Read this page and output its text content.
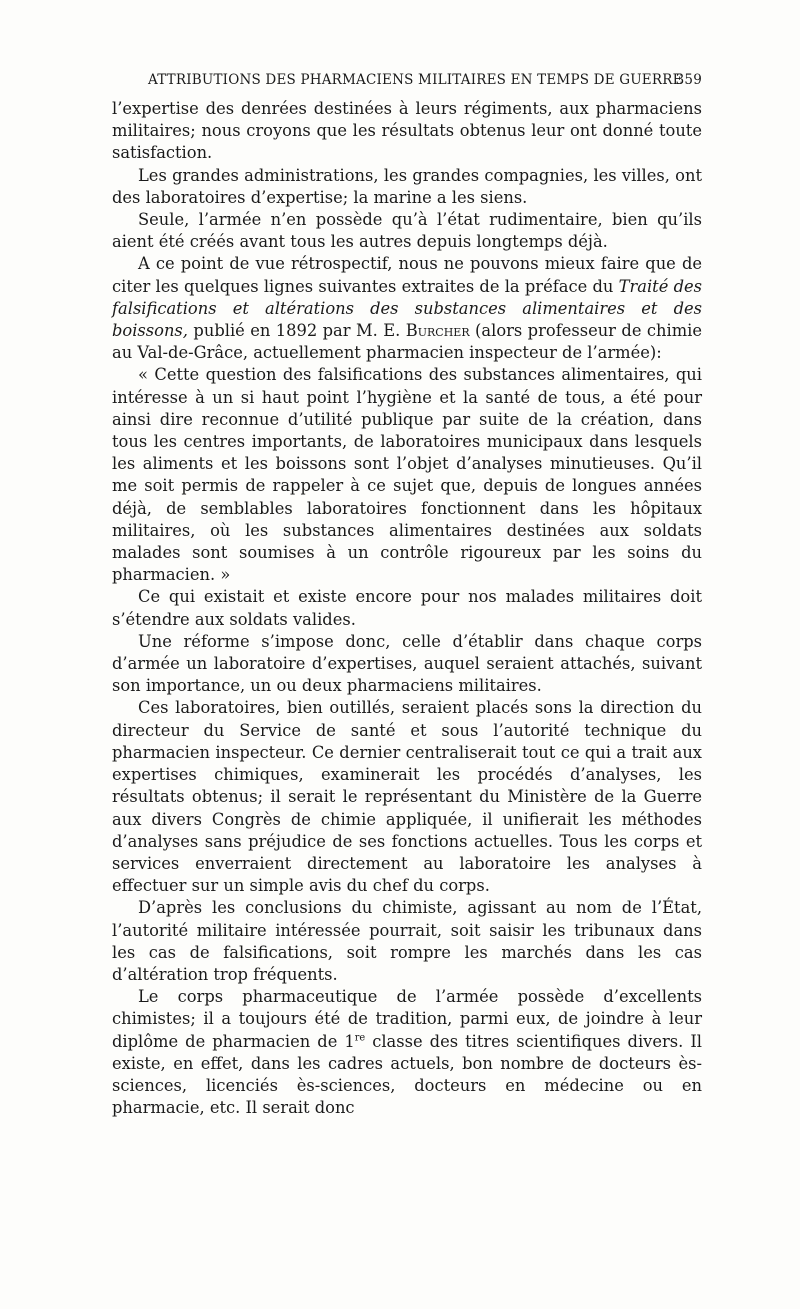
ATTRIBUTIONS DES PHARMACIENS MILITAIRES EN TEMPS DE GUERRE
359

l’expertise des denrées destinées à leurs régiments, aux pharmaciens militaires; nous croyons que les résultats obtenus leur ont donné toute satisfaction.

Les grandes administrations, les grandes compagnies, les villes, ont des laboratoires d’expertise; la marine a les siens.

Seule, l’armée n’en possède qu’à l’état rudimentaire, bien qu’ils aient été créés avant tous les autres depuis longtemps déjà.

A ce point de vue rétrospectif, nous ne pouvons mieux faire que de citer les quelques lignes suivantes extraites de la préface du Traité des falsifications et altérations des substances alimentaires et des boissons, publié en 1892 par M. E. Burcher (alors professeur de chimie au Val-de-Grâce, actuellement pharmacien inspecteur de l’armée):

« Cette question des falsifications des substances alimentaires, qui intéresse à un si haut point l’hygiène et la santé de tous, a été pour ainsi dire reconnue d’utilité publique par suite de la création, dans tous les centres importants, de laboratoires municipaux dans lesquels les aliments et les boissons sont l’objet d’analyses minutieuses. Qu’il me soit permis de rappeler à ce sujet que, depuis de longues années déjà, de semblables laboratoires fonctionnent dans les hôpitaux militaires, où les substances alimentaires destinées aux soldats malades sont soumises à un contrôle rigoureux par les soins du pharmacien. »

Ce qui existait et existe encore pour nos malades militaires doit s’étendre aux soldats valides.

Une réforme s’impose donc, celle d’établir dans chaque corps d’armée un laboratoire d’expertises, auquel seraient attachés, suivant son importance, un ou deux pharmaciens militaires.

Ces laboratoires, bien outillés, seraient placés sons la direction du directeur du Service de santé et sous l’autorité technique du pharmacien inspecteur. Ce dernier centraliserait tout ce qui a trait aux expertises chimiques, examinerait les procédés d’analyses, les résultats obtenus; il serait le représentant du Ministère de la Guerre aux divers Congrès de chimie appliquée, il unifierait les méthodes d’analyses sans préjudice de ses fonctions actuelles. Tous les corps et services enverraient directement au laboratoire les analyses à effectuer sur un simple avis du chef du corps.

D’après les conclusions du chimiste, agissant au nom de l’État, l’autorité militaire intéressée pourrait, soit saisir les tribunaux dans les cas de falsifications, soit rompre les marchés dans les cas d’altération trop fréquents.

Le corps pharmaceutique de l’armée possède d’excellents chimistes; il a toujours été de tradition, parmi eux, de joindre à leur diplôme de pharmacien de 1re classe des titres scientifiques divers. Il existe, en effet, dans les cadres actuels, bon nombre de docteurs ès-sciences, licenciés ès-sciences, docteurs en médecine ou en pharmacie, etc. Il serait donc
